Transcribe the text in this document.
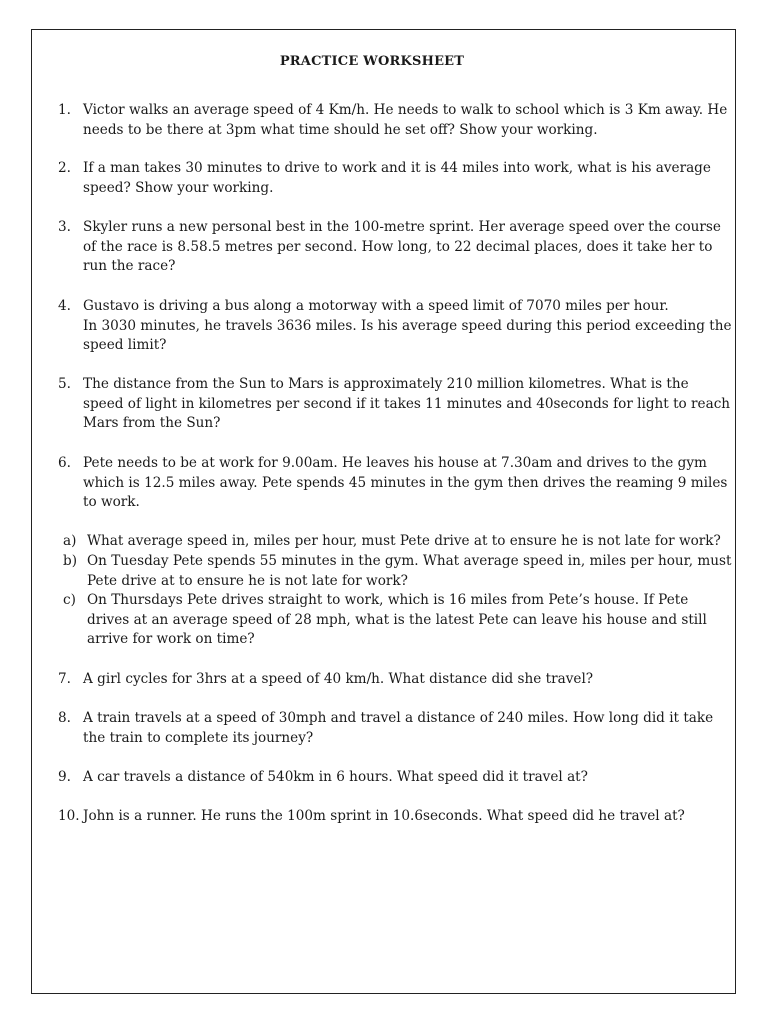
PRACTICE WORKSHEET
1. Victor walks an average speed of 4 Km/h. He needs to walk to school which is 3 Km away. He
needs to be there at 3pm what time should he set off? Show your working.
2. If a man takes 30 minutes to drive to work and it is 44 miles into work, what is his average
speed? Show your working.
3. Skyler runs a new personal best in the 100-metre sprint. Her average speed over the course
of the race is 8.58.5 metres per second. How long, to 22 decimal places, does it take her to
run the race?
4. Gustavo is driving a bus along a motorway with a speed limit of 7070 miles per hour.
In 3030 minutes, he travels 3636 miles. Is his average speed during this period exceeding the
speed limit?
5. The distance from the Sun to Mars is approximately 210 million kilometres. What is the
speed of light in kilometres per second if it takes 11 minutes and 40seconds for light to reach
Mars from the Sun?
6. Pete needs to be at work for 9.00am. He leaves his house at 7.30am and drives to the gym
which is 12.5 miles away. Pete spends 45 minutes in the gym then drives the reaming 9 miles
to work.
a) What average speed in, miles per hour, must Pete drive at to ensure he is not late for work?
b) On Tuesday Pete spends 55 minutes in the gym. What average speed in, miles per hour, must
Pete drive at to ensure he is not late for work?
c) On Thursdays Pete drives straight to work, which is 16 miles from Pete’s house. If Pete
drives at an average speed of 28 mph, what is the latest Pete can leave his house and still
arrive for work on time?
7. A girl cycles for 3hrs at a speed of 40 km/h. What distance did she travel?
8. A train travels at a speed of 30mph and travel a distance of 240 miles. How long did it take
the train to complete its journey?
9. A car travels a distance of 540km in 6 hours. What speed did it travel at?
10. John is a runner. He runs the 100m sprint in 10.6seconds. What speed did he travel at?
